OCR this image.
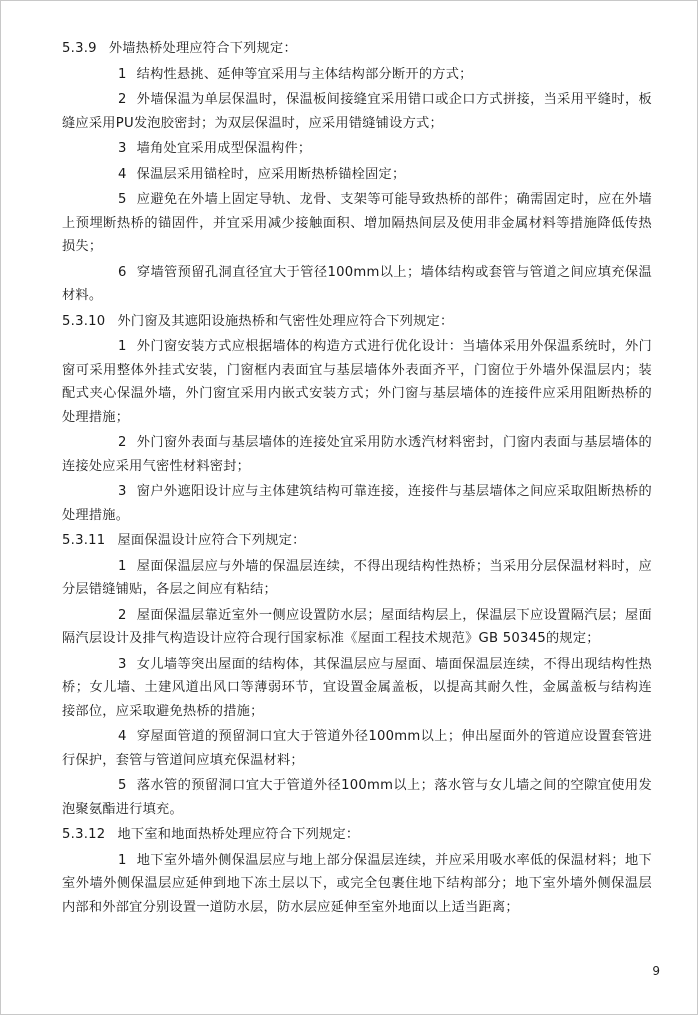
5.3.9 外墙热桥处理应符合下列规定：

1 结构性悬挑、延伸等宜采用与主体结构部分断开的方式；

2 外墙保温为单层保温时，保温板间接缝宜采用错口或企口方式拼接，当采用平缝时，板缝应采用PU发泡胶密封；为双层保温时，应采用错缝铺设方式；

3 墙角处宜采用成型保温构件；

4 保温层采用锚栓时，应采用断热桥锚栓固定；

5 应避免在外墙上固定导轨、龙骨、支架等可能导致热桥的部件；确需固定时，应在外墙上预埋断热桥的锚固件，并宜采用减少接触面积、增加隔热间层及使用非金属材料等措施降低传热损失；

6 穿墙管预留孔洞直径宜大于管径100mm以上；墙体结构或套管与管道之间应填充保温材料。

5.3.10 外门窗及其遮阳设施热桥和气密性处理应符合下列规定：

1 外门窗安装方式应根据墙体的构造方式进行优化设计：当墙体采用外保温系统时，外门窗可采用整体外挂式安装，门窗框内表面宜与基层墙体外表面齐平，门窗位于外墙外保温层内；装配式夹心保温外墙，外门窗宜采用内嵌式安装方式；外门窗与基层墙体的连接件应采用阻断热桥的处理措施；

2 外门窗外表面与基层墙体的连接处宜采用防水透汽材料密封，门窗内表面与基层墙体的连接处应采用气密性材料密封；

3 窗户外遮阳设计应与主体建筑结构可靠连接，连接件与基层墙体之间应采取阻断热桥的处理措施。

5.3.11 屋面保温设计应符合下列规定：

1 屋面保温层应与外墙的保温层连续，不得出现结构性热桥；当采用分层保温材料时，应分层错缝铺贴，各层之间应有粘结；

2 屋面保温层靠近室外一侧应设置防水层；屋面结构层上，保温层下应设置隔汽层；屋面隔汽层设计及排气构造设计应符合现行国家标准《屋面工程技术规范》GB 50345的规定；

3 女儿墙等突出屋面的结构体，其保温层应与屋面、墙面保温层连续，不得出现结构性热桥；女儿墙、土建风道出风口等薄弱环节，宜设置金属盖板，以提高其耐久性，金属盖板与结构连接部位，应采取避免热桥的措施；

4 穿屋面管道的预留洞口宜大于管道外径100mm以上；伸出屋面外的管道应设置套管进行保护，套管与管道间应填充保温材料；

5 落水管的预留洞口宜大于管道外径100mm以上；落水管与女儿墙之间的空隙宜使用发泡聚氨酯进行填充。

5.3.12 地下室和地面热桥处理应符合下列规定：

1 地下室外墙外侧保温层应与地上部分保温层连续，并应采用吸水率低的保温材料；地下室外墙外侧保温层应延伸到地下冻土层以下，或完全包裹住地下结构部分；地下室外墙外侧保温层内部和外部宜分别设置一道防水层，防水层应延伸至室外地面以上适当距离；

9
